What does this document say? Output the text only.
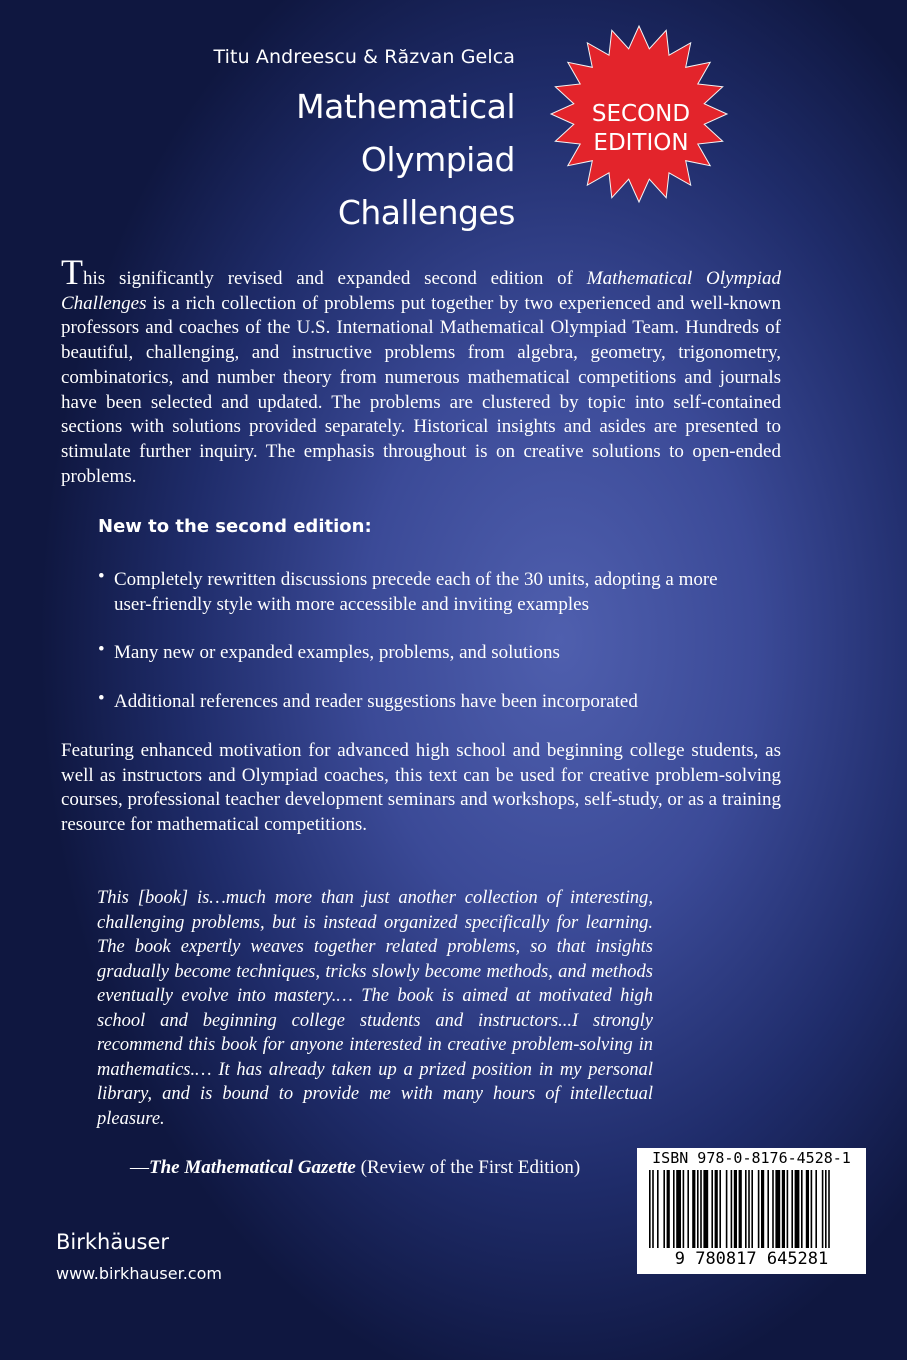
Titu Andreescu & Răzvan Gelca
Mathematical
Olympiad
Challenges
SECOND
EDITION
This significantly revised and expanded second edition of Mathematical Olympiad Challenges is a rich collection of problems put together by two experienced and well-known professors and coaches of the U.S. International Mathematical Olympiad Team. Hundreds of beautiful, challenging, and instructive problems from algebra, geometry, trigonometry, combinatorics, and number theory from numerous mathematical competitions and journals have been selected and updated. The problems are clustered by topic into self-contained sections with solutions provided separately. Historical insights and asides are presented to stimulate further inquiry. The emphasis throughout is on creative solutions to open-ended problems.
New to the second edition:
• Completely rewritten discussions precede each of the 30 units, adopting a more user-friendly style with more accessible and inviting examples
• Many new or expanded examples, problems, and solutions
• Additional references and reader suggestions have been incorporated
Featuring enhanced motivation for advanced high school and beginning college students, as well as instructors and Olympiad coaches, this text can be used for creative problem-solving courses, professional teacher development seminars and workshops, self-study, or as a training resource for mathematical competitions.
This [book] is…much more than just another collection of interesting, challenging problems, but is instead organized specifically for learning. The book expertly weaves together related problems, so that insights gradually become techniques, tricks slowly become methods, and methods eventually evolve into mastery.… The book is aimed at motivated high school and beginning college students and instructors...I strongly recommend this book for anyone interested in creative problem-solving in mathematics.… It has already taken up a prized position in my personal library, and is bound to provide me with many hours of intellectual pleasure.
—The Mathematical Gazette (Review of the First Edition)
Birkhäuser
www.birkhauser.com
ISBN 978-0-8176-4528-1
9 780817 645281
